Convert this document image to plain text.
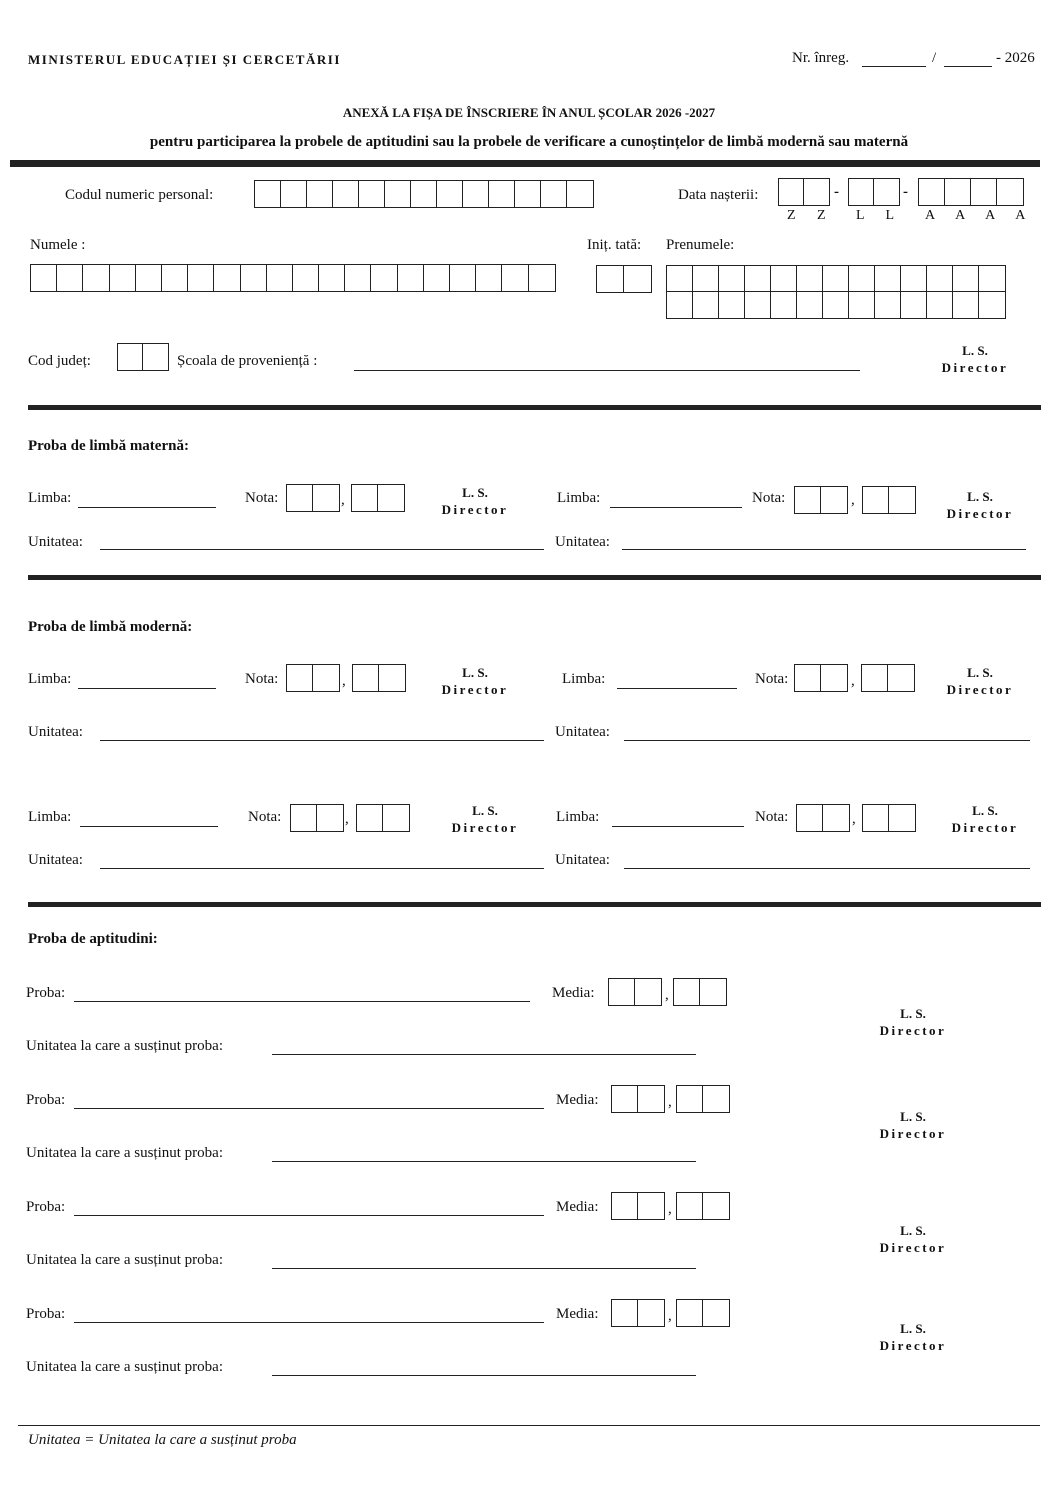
MINISTERUL EDUCAȚIEI ȘI CERCETĂRII	Nr. înreg.	/	- 2026
ANEXĂ LA FIȘA DE ÎNSCRIERE ÎN ANUL ȘCOLAR 2026 -2027
pentru participarea la probele de aptitudini sau la probele de verificare a cunoștințelor de limbă modernă sau maternă
Codul numeric personal:	Data nașterii:	-	-
Z Z L L A A A A
Numele :	Iniț. tată: Prenumele:
Cod județ:	Școala de proveniență :
L. S.
Director
Proba de limbă maternă:
Limba:	Nota:	,	L. S.
Director
Unitatea:
Limba:	Nota:	,	L. S.
Director
Unitatea:
Proba de limbă modernă:
Limba:	Nota:	,
L. S.
Director
Limba:	Nota:	,
L. S.
Director
Unitatea:	Unitatea:
Limba:	Nota:	,
L. S.
Director
Limba:	Nota:	,
L. S.
Director
Unitatea:	Unitatea:
Proba de aptitudini:
Proba:	Media:	,
Unitatea la care a susținut proba:
L. S.
Director
Proba:	Media:	,
Unitatea la care a susținut proba:
L. S.
Director
Proba:	Media:	,
Unitatea la care a susținut proba:
L. S.
Director
Proba:	Media:	,
Unitatea la care a susținut proba:
L. S.
Director
Unitatea = Unitatea la care a susținut proba
